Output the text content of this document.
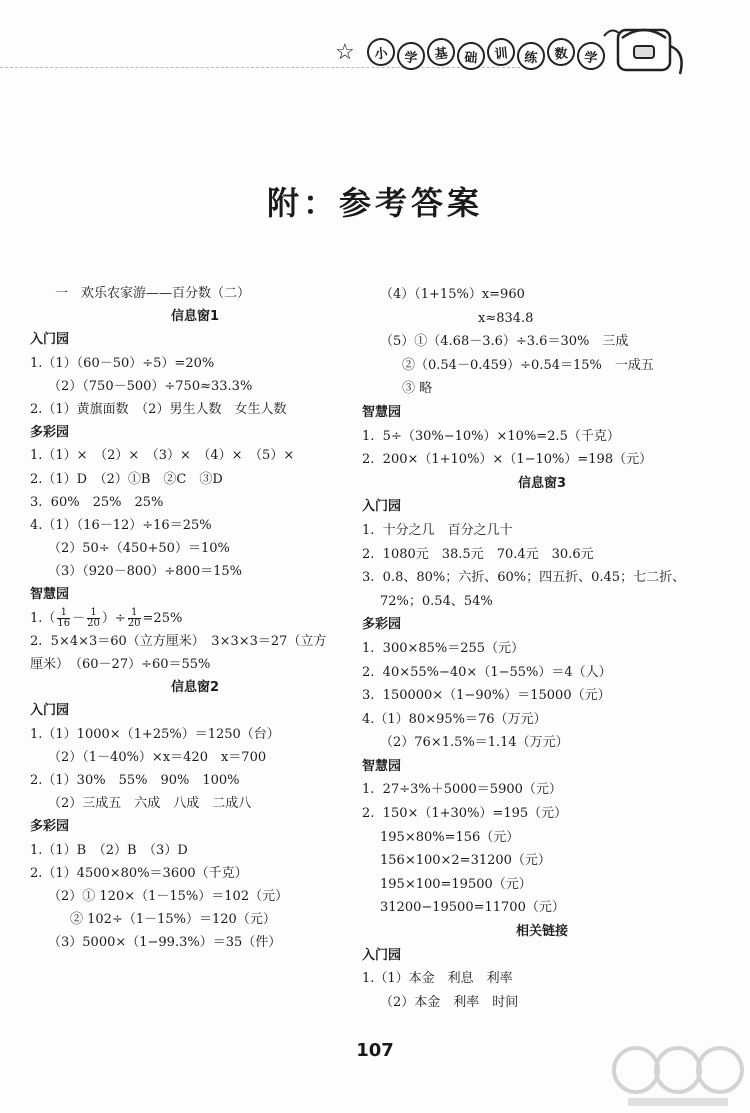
☆	小	学	基	础	训	练	数	学
附：参考答案
一　欢乐农家游——百分数（二）
信息窗1
入门园
1.（1）（60－50）÷5）=20%
（2）（750－500）÷750≈33.3%
2.（1）黄旗面数　（2）男生人数　女生人数
多彩园
1.（1）×　（2）×　（3）×　（4）×　（5）×
2.（1）D　（2）①B　②C　③D
3.  60%　25%　25%
4.（1）（16－12）÷16＝25%
（2）50÷（450+50）＝10%
（3）（920－800）÷800＝15%
智慧园
$1.( \frac{1}{16} - \frac{1}{20}$ ）÷ $\frac{1}{20} =25\%$
2.  5×4×3＝60（立方厘米）　3×3×3＝27（立方
厘米）　（60－27）÷60＝55%
信息窗2
入门园
1.（1）1000×（1+25%）＝1250（台）
（2）（1－40%）×x＝420　x＝700
2.（1）30%　55%　90%　100%
（2）三成五　六成　八成　二成八
多彩园
1.（1）B　（2）B　（3）D
2.（1）4500×80%＝3600（千克）
（2）① 120×（1－15%）＝102（元）
② 102÷（1－15%）＝120（元）
（3）5000×（1−99.3%）＝35（件）
（4）（1+15%）x=960
x≈834.8
（5）①（4.68－3.6）÷3.6＝30%　三成
②（0.54－0.459）÷0.54＝15%　一成五
③ 略
智慧园
1.  5÷（30%−10%）×10%=2.5（千克）
2.  200×（1+10%）×（1−10%）=198（元）
信息窗3
入门园
1.  十分之几　百分之几十
2.  1080元　38.5元　70.4元　30.6元
3.  0.8、80%；六折、60%；四五折、0.45；七二折、
72%；0.54、54%
多彩园
1.  300×85%＝255（元）
2.  40×55%−40×（1−55%）＝4（人）
3.  150000×（1−90%）＝15000（元）
4.（1）80×95%＝76（万元）
（2）76×1.5%＝1.14（万元）
智慧园
1.  27÷3%＋5000＝5900（元）
2.  150×（1+30%）=195（元）
195×80%=156（元）
156×100×2=31200（元）
195×100=19500（元）
31200−19500=11700（元）
相关链接
入门园
1.（1）本金　利息　利率
（2）本金　利率　时间
107
